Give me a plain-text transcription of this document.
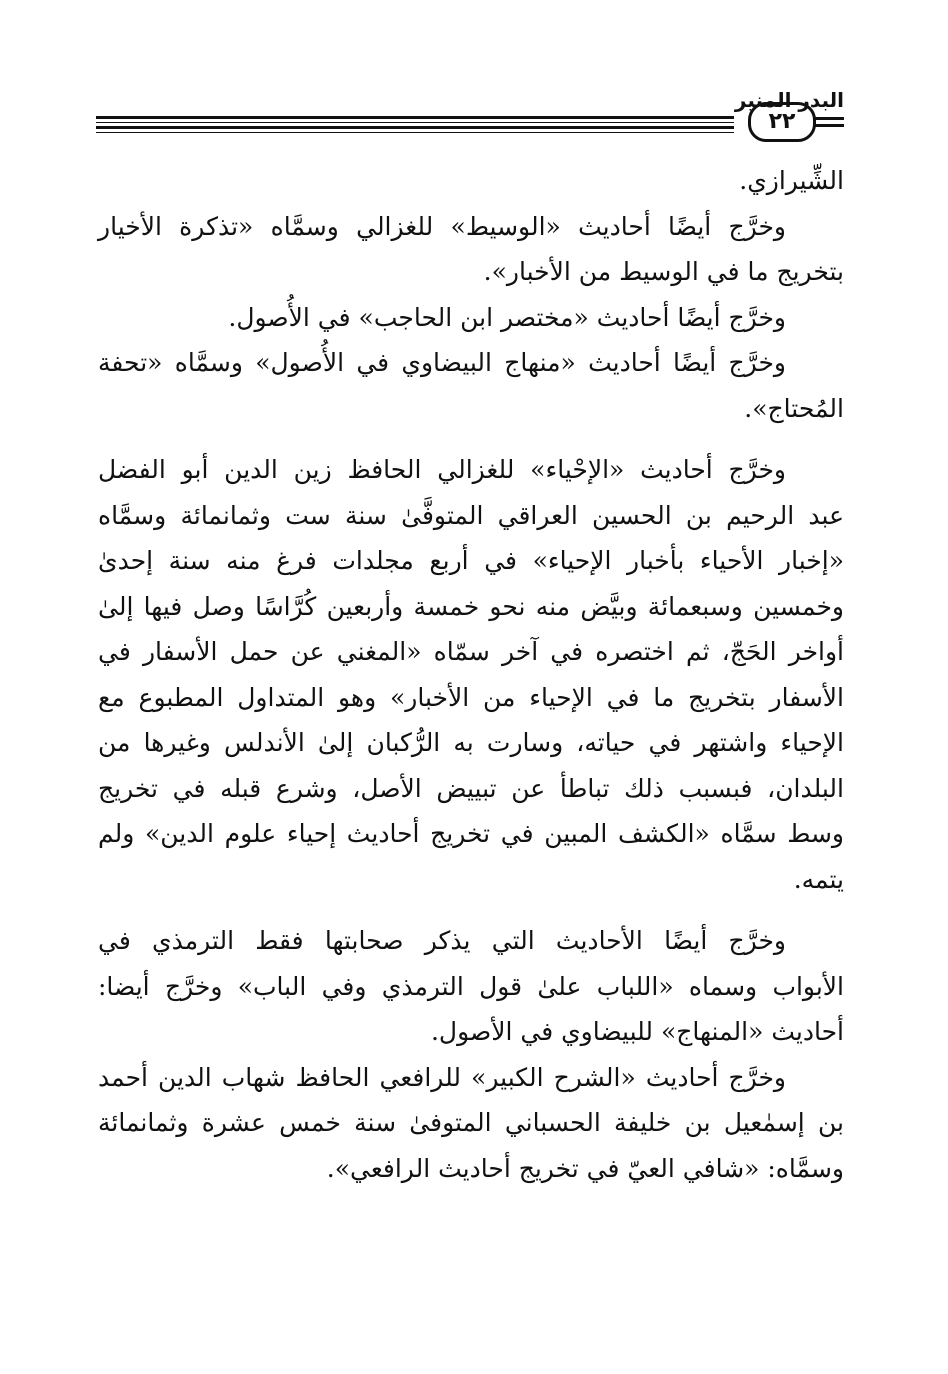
٢٢
البدر المنير
الشِّيرازي.
وخرَّج أيضًا أحاديث «الوسيط» للغزالي وسمَّاه «تذكرة الأخيار
بتخريج ما في الوسيط من الأخبار».
وخرَّج أيضًا أحاديث «مختصر ابن الحاجب» في الأُصول.
وخرَّج أيضًا أحاديث «منهاج البيضاوي في الأُصول» وسمَّاه «تحفة
المُحتاج».
وخرَّج أحاديث «الإحْياء» للغزالي الحافظ زين الدين أبو الفضل
عبد الرحيم بن الحسين العراقي المتوفَّىٰ سنة ست وثمانمائة وسمَّاه
«إخبار الأحياء بأخبار الإحياء» في أربع مجلدات فرغ منه سنة إحدىٰ
وخمسين وسبعمائة وبيَّض منه نحو خمسة وأربعين كُرَّاسًا وصل فيها إلىٰ
أواخر الحَجّ، ثم اختصره في آخر سمّاه «المغني عن حمل الأسفار في
الأسفار بتخريج ما في الإحياء من الأخبار» وهو المتداول المطبوع مع
الإحياء واشتهر في حياته، وسارت به الرُّكبان إلىٰ الأندلس وغيرها من
البلدان، فبسبب ذلك تباطأ عن تبييض الأصل، وشرع قبله في تخريج
وسط سمَّاه «الكشف المبين في تخريج أحاديث إحياء علوم الدين» ولم
يتمه.
وخرَّج أيضًا الأحاديث التي يذكر صحابتها فقط الترمذي في
الأبواب وسماه «اللباب علىٰ قول الترمذي وفي الباب» وخرَّج أيضا:
أحاديث «المنهاج» للبيضاوي في الأصول.
وخرَّج أحاديث «الشرح الكبير» للرافعي الحافظ شهاب الدين أحمد
بن إسمٰعيل بن خليفة الحسباني المتوفىٰ سنة خمس عشرة وثمانمائة
وسمَّاه: «شافي العيّ في تخريج أحاديث الرافعي».
